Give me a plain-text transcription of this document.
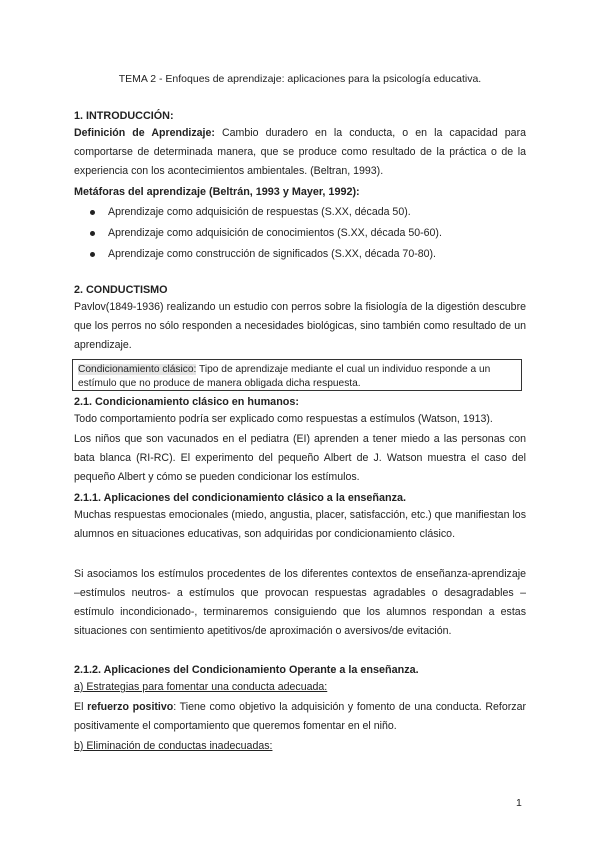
TEMA 2 - Enfoques de aprendizaje: aplicaciones para la psicología educativa.
1. INTRODUCCIÓN:

Definición de Aprendizaje: Cambio duradero en la conducta, o en la capacidad para comportarse de determinada manera, que se produce como resultado de la práctica o de la experiencia con los acontecimientos ambientales. (Beltran, 1993).

Metáforas del aprendizaje (Beltrán, 1993 y Mayer, 1992):
Aprendizaje como adquisición de respuestas (S.XX, década 50).
Aprendizaje como adquisición de conocimientos (S.XX, década 50-60).
Aprendizaje como construcción de significados (S.XX, década 70-80).
2. CONDUCTISMO

Pavlov(1849-1936) realizando un estudio con perros sobre la fisiología de la digestión descubre que los perros no sólo responden a necesidades biológicas, sino también como resultado de un aprendizaje.

Condicionamiento clásico: Tipo de aprendizaje mediante el cual un individuo responde a un estímulo que no produce de manera obligada dicha respuesta.
2.1. Condicionamiento clásico en humanos:

Todo comportamiento podría ser explicado como respuestas a estímulos (Watson, 1913).

Los niños que son vacunados en el pediatra (EI) aprenden a tener miedo a las personas con bata blanca (RI-RC). El experimento del pequeño Albert de J. Watson muestra el caso del pequeño Albert y cómo se pueden condicionar los estímulos.

2.1.1. Aplicaciones del condicionamiento clásico a la enseñanza.

Muchas respuestas emocionales (miedo, angustia, placer, satisfacción, etc.) que manifiestan los alumnos en situaciones educativas, son adquiridas por condicionamiento clásico.

Si asociamos los estímulos procedentes de los diferentes contextos de enseñanza-aprendizaje –estímulos neutros- a estímulos que provocan respuestas agradables o desagradables –estímulo incondicionado-, terminaremos consiguiendo que los alumnos respondan a estas situaciones con sentimiento apetitivos/de aproximación o aversivos/de evitación.

2.1.2. Aplicaciones del Condicionamiento Operante a la enseñanza.

a) Estrategias para fomentar una conducta adecuada:

El refuerzo positivo: Tiene como objetivo la adquisición y fomento de una conducta. Reforzar positivamente el comportamiento que queremos fomentar en el niño.

b) Eliminación de conductas inadecuadas:

1
